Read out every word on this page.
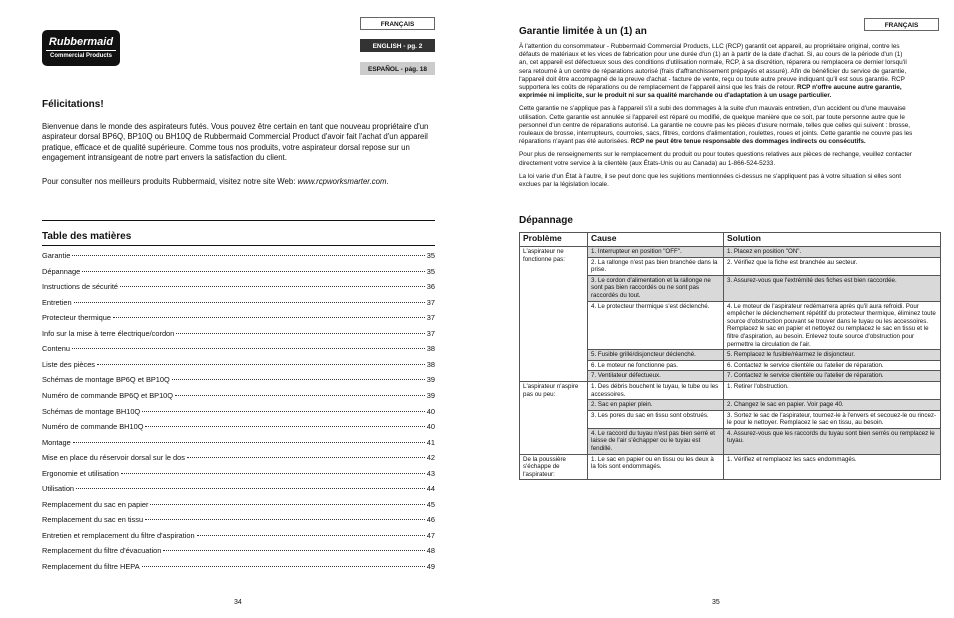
FRANÇAIS
ENGLISH - pg. 2
ESPAÑOL - pág. 18
Rubbermaid
Commercial Products
Félicitations!

Bienvenue dans le monde des aspirateurs futés. Vous pouvez être certain en tant que nouveau propriétaire d'un aspirateur dorsal BP6Q, BP10Q ou BH10Q de Rubbermaid Commercial Product d'avoir fait l'achat d'un appareil pratique, efficace et de qualité supérieure. Comme tous nos produits, votre aspirateur dorsal repose sur un engagement intransigeant de notre part envers la satisfaction du client.

Pour consulter nos meilleurs produits Rubbermaid, visitez notre site Web: www.rcpworksmarter.com.

Table des matières
Garantie	35
Dépannage	35
Instructions de sécurité	36
Entretien	37
Protecteur thermique	37
Info sur la mise à terre électrique/cordon	37
Contenu	38
Liste des pièces	38
Schémas de montage BP6Q et BP10Q	39
Numéro de commande BP6Q et BP10Q	39
Schémas de montage BH10Q	40
Numéro de commande BH10Q	40
Montage	41
Mise en place du réservoir dorsal sur le dos	42
Ergonomie et utilisation	43
Utilisation	44
Remplacement du sac en papier	45
Remplacement du sac en tissu	46
Entretien et remplacement du filtre d'aspiration	47
Remplacement du filtre d'évacuation	48
Remplacement du filtre HEPA	49
34
FRANÇAIS
Garantie limitée à un (1) an

À l'attention du consommateur - Rubbermaid Commercial Products, LLC (RCP) garantit cet appareil, au propriétaire original, contre les défauts de matériaux et les vices de fabrication pour une durée d'un (1) an à partir de la date d'achat. Si, au cours de la période d'un (1) an, cet appareil est défectueux sous des conditions d'utilisation normale, RCP, à sa discrétion, réparera ou remplacera ce dernier lorsqu'il sera retourné à un centre de réparations autorisé (frais d'affranchissement prépayés et assuré). Afin de bénéficier du service de garantie, l'appareil doit être accompagné de la preuve d'achat - facture de vente, reçu ou toute autre preuve indiquant qu'il est sous garantie. RCP supportera les coûts de réparations ou de remplacement de l'appareil ainsi que les frais de retour. RCP n'offre aucune autre garantie, exprimée ni implicite, sur le produit ni sur sa qualité marchande ou d'adaptation à un usage particulier.

Cette garantie ne s'applique pas à l'appareil s'il a subi des dommages à la suite d'un mauvais entretien, d'un accident ou d'une mauvaise utilisation. Cette garantie est annulée si l'appareil est réparé ou modifié, de quelque manière que ce soit, par toute personne autre que le personnel d'un centre de réparations autorisé. La garantie ne couvre pas les pièces d'usure normale, telles que celles qui suivent : brosse, rouleaux de brosse, interrupteurs, courroies, sacs, filtres, cordons d'alimentation, roulettes, roues et joints. Cette garantie ne couvre pas les réparations n'ayant pas été autorisées. RCP ne peut être tenue responsable des dommages indirects ou consécutifs.

Pour plus de renseignements sur le remplacement du produit ou pour toutes questions relatives aux pièces de rechange, veuillez contacter directement votre service à la clientèle (aux États-Unis ou au Canada) au 1-866-524-5233.

La loi varie d'un État à l'autre, il se peut donc que les sujétions mentionnées ci-dessus ne s'appliquent pas à votre situation si elles sont exclues par la législation locale.

Dépannage
Problème	Cause	Solution
L'aspirateur ne fonctionne pas:	1. Interrupteur en position "OFF".	1. Placez en position "ON".
	2. La rallonge n'est pas bien branchée dans la prise.	2. Vérifiez que la fiche est branchée au secteur.
	3. Le cordon d'alimentation et la rallonge ne sont pas bien raccordés ou ne sont pas raccordés du tout.	3. Assurez-vous que l'extrémité des fiches est bien raccordée.
	4. Le protecteur thermique s'est déclenché.	4. Le moteur de l'aspirateur redémarrera après qu'il aura refroidi. Pour empêcher le déclenchement répétitif du protecteur thermique, éliminez toute source d'obstruction pouvant se trouver dans le tuyau ou les accessoires. Remplacez le sac en papier et nettoyez ou remplacez le sac en tissu et le filtre d'aspiration, au besoin. Enlevez toute source d'obstruction pour permettre la circulation de l'air.
	5. Fusible grillé/disjoncteur déclenché.	5. Remplacez le fusible/réarmez le disjoncteur.
	6. Le moteur ne fonctionne pas.	6. Contactez le service clientèle ou l'atelier de réparation.
	7. Ventilateur défectueux.	7. Contactez le service clientèle ou l'atelier de réparation.
L'aspirateur n'aspire pas ou peu:	1. Des débris bouchent le tuyau, le tube ou les accessoires.	1. Retirer l'obstruction.
	2. Sac en papier plein.	2. Changez le sac en papier. Voir page 40.
	3. Les pores du sac en tissu sont obstrués.	3. Sortez le sac de l'aspirateur, tournez-le à l'envers et secouez-le ou rincez-le pour le nettoyer. Remplacez le sac en tissu, au besoin.
	4. Le raccord du tuyau n'est pas bien serré et laisse de l'air s'échapper ou le tuyau est fendillé.	4. Assurez-vous que les raccords du tuyau sont bien serrés ou remplacez le tuyau.
De la poussière s'échappe de l'aspirateur:	1. Le sac en papier ou en tissu ou les deux à la fois sont endommagés.	1. Vérifiez et remplacez les sacs endommagés.
35
